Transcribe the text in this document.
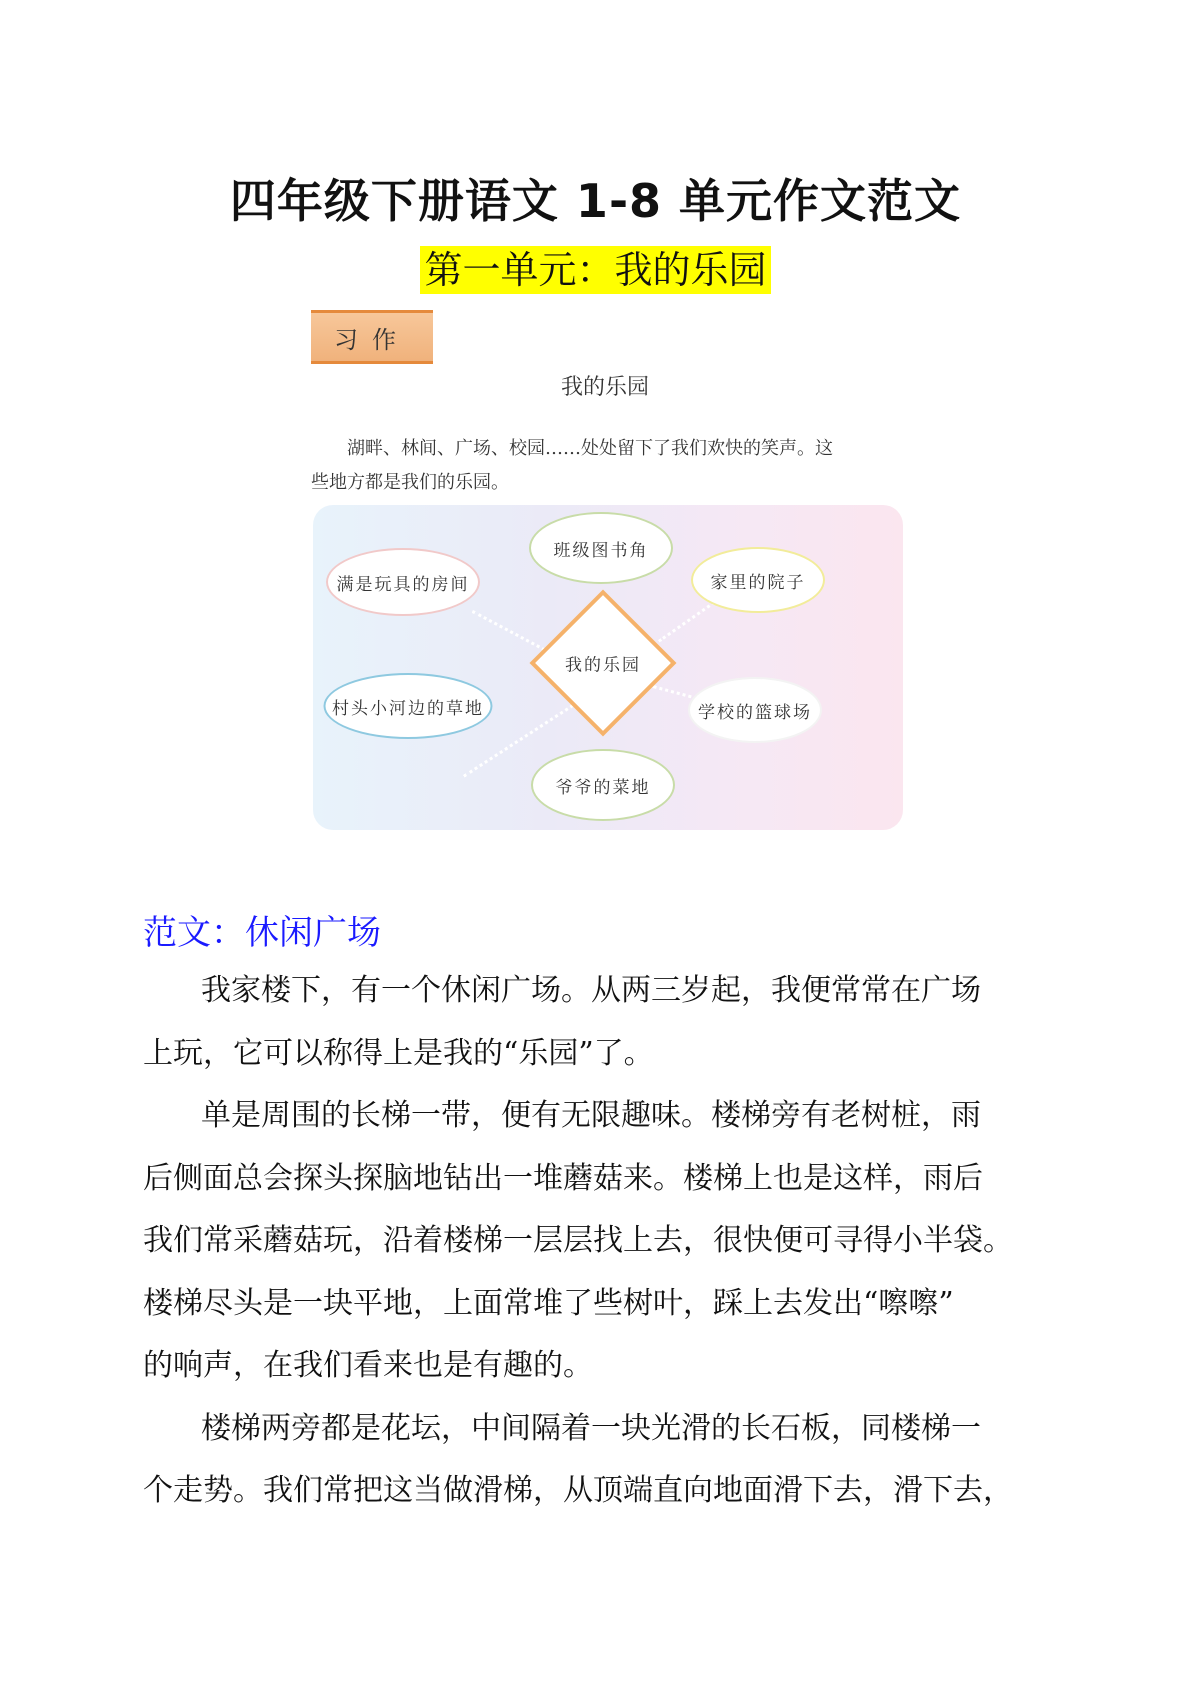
四年级下册语文 1-8 单元作文范文
第一单元：我的乐园
习作
我的乐园
湖畔、林间、广场、校园……处处留下了我们欢快的笑声。这
些地方都是我们的乐园。
班级图书角
满是玩具的房间	家里的院子
村头小河边的草地	学校的篮球场
爷爷的菜地
我的乐园
范文：休闲广场
我家楼下，有一个休闲广场。从两三岁起，我便常常在广场
上玩，它可以称得上是我的“乐园”了。
单是周围的长梯一带，便有无限趣味。楼梯旁有老树桩，雨
后侧面总会探头探脑地钻出一堆蘑菇来。楼梯上也是这样，雨后
我们常采蘑菇玩，沿着楼梯一层层找上去，很快便可寻得小半袋。
楼梯尽头是一块平地，上面常堆了些树叶，踩上去发出“嚓嚓”
的响声，在我们看来也是有趣的。
楼梯两旁都是花坛，中间隔着一块光滑的长石板，同楼梯一
个走势。我们常把这当做滑梯，从顶端直向地面滑下去，滑下去，
